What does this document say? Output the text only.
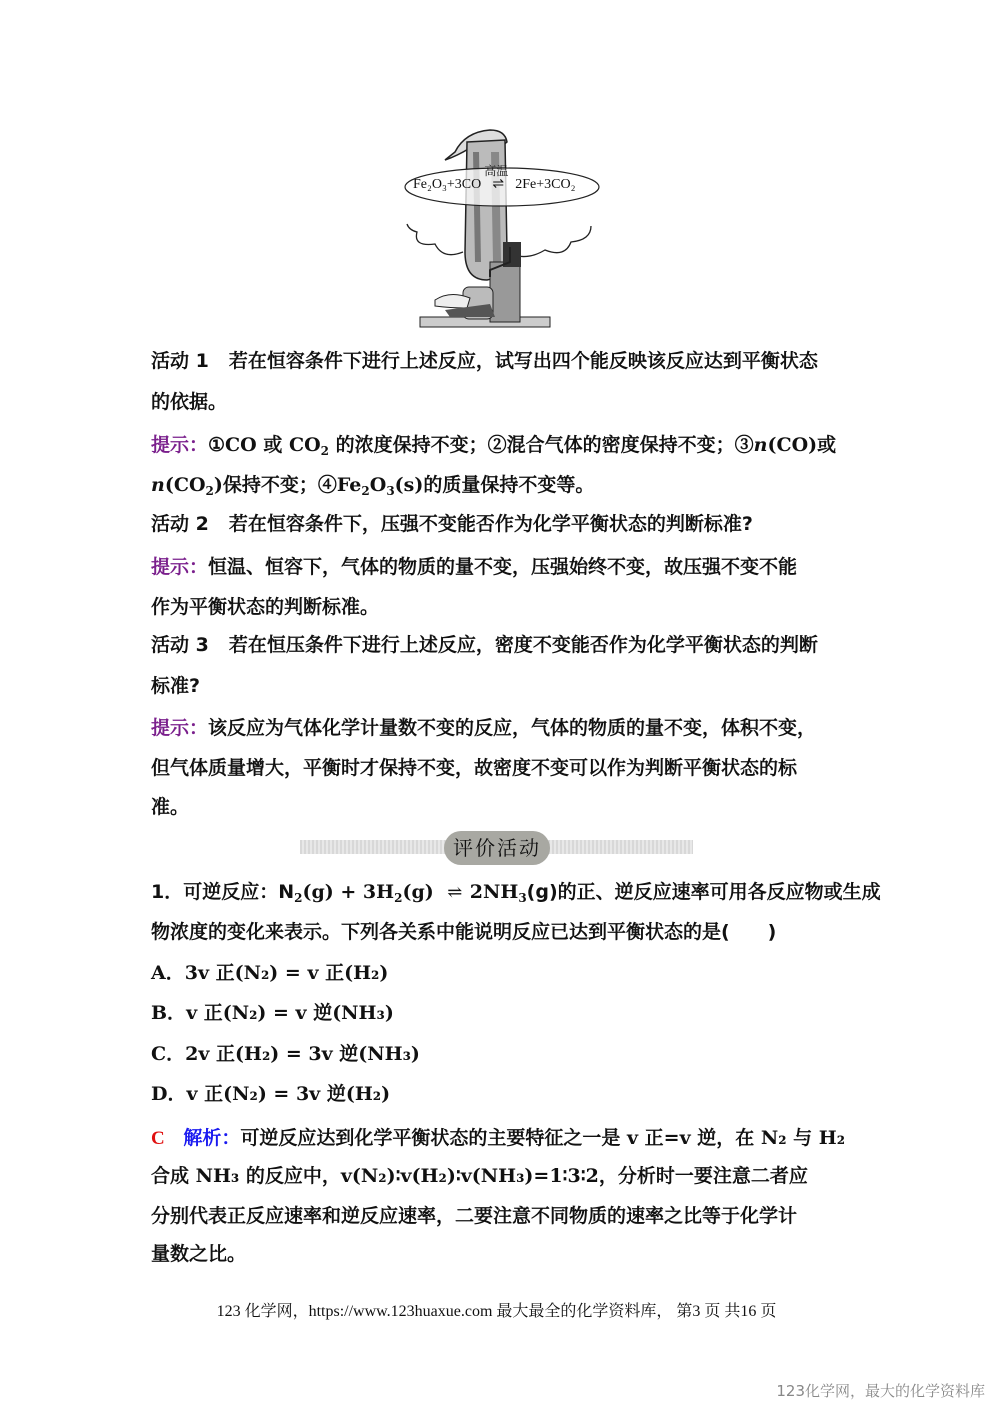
Fe₂O₃+3CO
高温
⇌ 2Fe+3CO₂
活动 1 若在恒容条件下进行上述反应，试写出四个能反映该反应达到平衡状态
的依据。
提示：①CO 或 $CO_2$ 的浓度保持不变；②混合气体的密度保持不变；③n(CO)或
$n(CO_2)$保持不变；$④Fe_2O_3(s)$的质量保持不变等。
活动 2 若在恒容条件下，压强不变能否作为化学平衡状态的判断标准?
提示：恒温、恒容下，气体的物质的量不变，压强始终不变，故压强不变不能
作为平衡状态的判断标准。
活动 3 若在恒压条件下进行上述反应，密度不变能否作为化学平衡状态的判断
标准?
提示：该反应为气体化学计量数不变的反应，气体的物质的量不变，体积不变，
但气体质量增大，平衡时才保持不变，故密度不变可以作为判断平衡状态的标
准。
评价活动
1．可逆反应：$N_2(g) + 3H_2(g)$ ⇌ $2NH_3(g)$的正、逆反应速率可用各反应物或生成
物浓度的变化来表示。下列各关系中能说明反应已达到平衡状态的是(　　)
A．3v 正(N₂) = v 正(H₂)
B．v 正(N₂) = v 逆(NH₃)
C．2v 正(H₂) = 3v 逆(NH₃)
D．v 正(N₂) = 3v 逆(H₂)
C 解析：可逆反应达到化学平衡状态的主要特征之一是 v 正=v 逆，在 N₂ 与 H₂
合成 NH₃ 的反应中，v(N₂)∶v(H₂)∶v(NH₃)=1∶3∶2，分析时一要注意二者应
分别代表正反应速率和逆反应速率，二要注意不同物质的速率之比等于化学计
量数之比。
123 化学网，https://www.123huaxue.com 最大最全的化学资料库， 第3 页 共16 页
123化学网，最大的化学资料库
